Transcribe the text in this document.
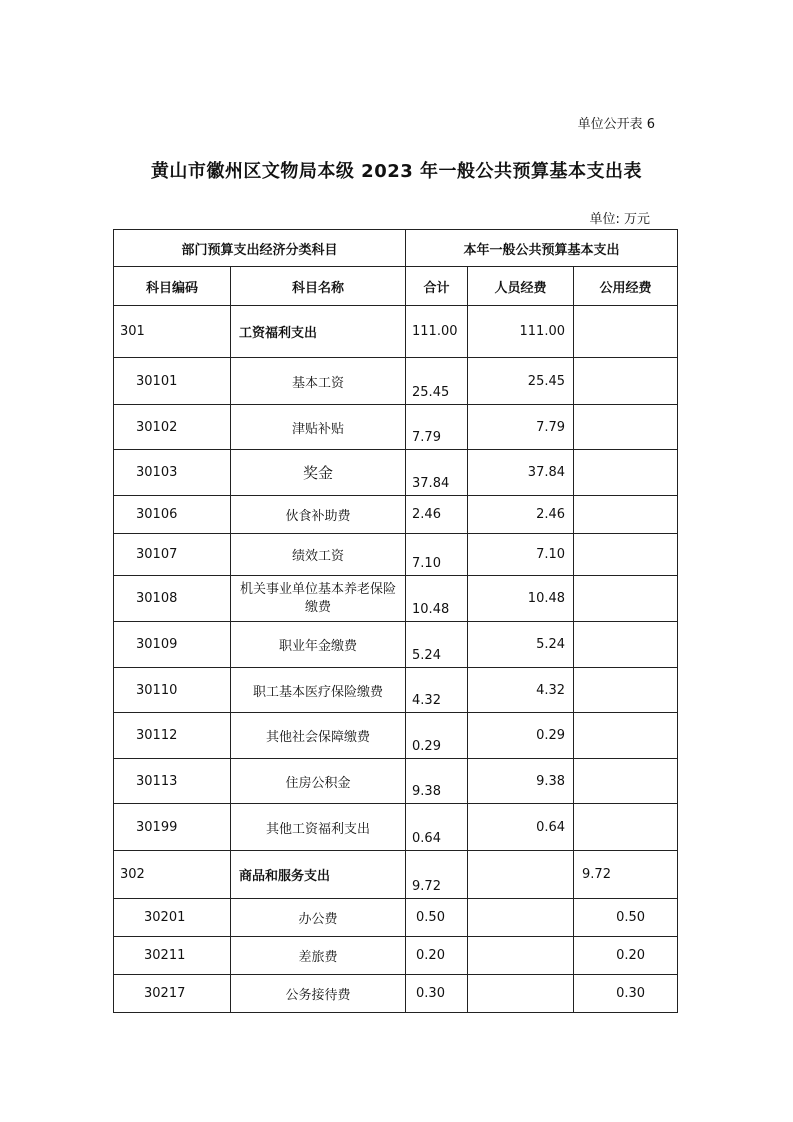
单位公开表 6
黄山市徽州区文物局本级 2023 年一般公共预算基本支出表
单位: 万元
部门预算支出经济分类科目		本年一般公共预算基本支出		
科目编码	科目名称	合计	人员经费	公用经费
301	工资福利支出	111.00	111.00	
30101	基本工资	25.45	25.45	
30102	津贴补贴	7.79	7.79	
30103	奖金	37.84	37.84	
30106	伙食补助费	2.46	2.46	
30107	绩效工资	7.10	7.10	
30108	机关事业单位基本养老保险缴费	10.48	10.48	
30109	职业年金缴费	5.24	5.24	
30110	职工基本医疗保险缴费	4.32	4.32	
30112	其他社会保障缴费	0.29	0.29	
30113	住房公积金	9.38	9.38	
30199	其他工资福利支出	0.64	0.64	
302	商品和服务支出	9.72		9.72
30201	办公费	0.50		0.50
30211	差旅费	0.20		0.20
30217	公务接待费	0.30		0.30
